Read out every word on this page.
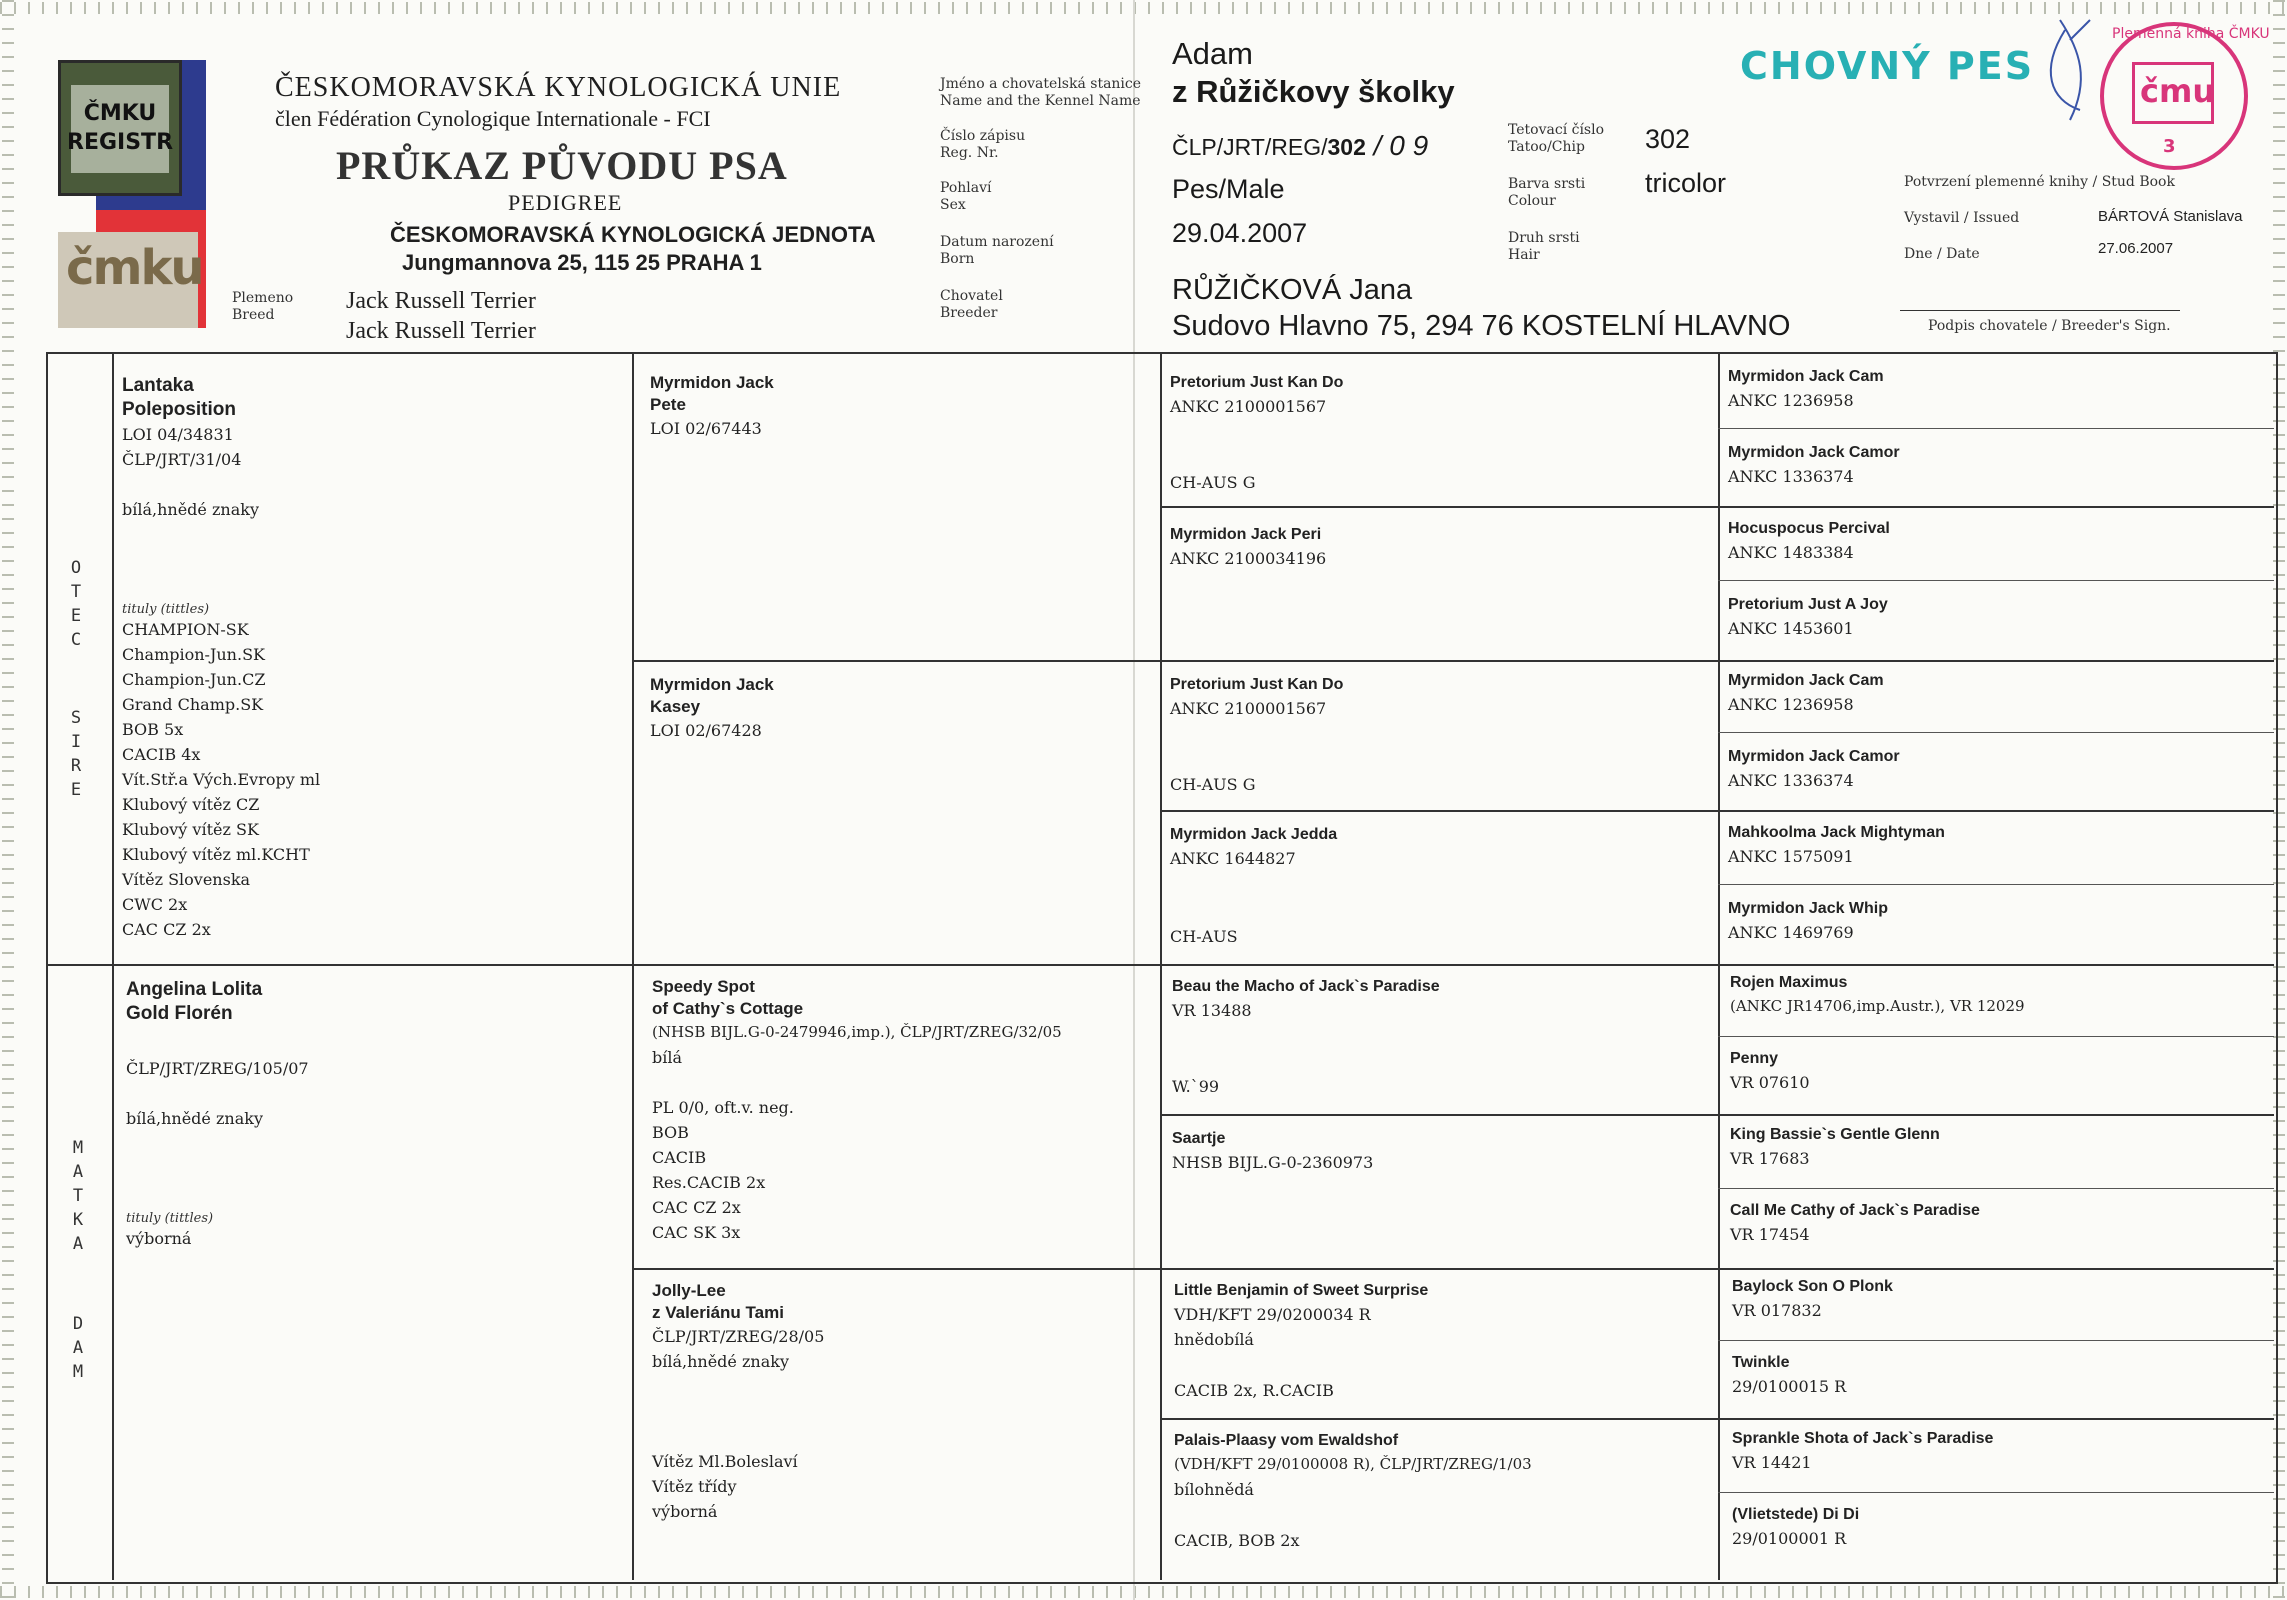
ČMKU
REGISTR
čmku
ČESKOMORAVSKÁ KYNOLOGICKÁ UNIE
člen Fédération Cynologique Internationale - FCI
PRŮKAZ PŮVODU PSA
PEDIGREE
ČESKOMORAVSKÁ KYNOLOGICKÁ JEDNOTA
Jungmannova 25, 115 25 PRAHA 1
Plemeno
Breed
Jack Russell Terrier
Jack Russell Terrier
Jméno a chovatelská stanice
Name and the Kennel Name
Číslo zápisu
Reg. Nr.
Pohlaví
Sex
Datum narození
Born
Chovatel
Breeder
Adam
z Růžičkovy školky
ČLP/JRT/REG/302 / 0 9
Pes/Male
29.04.2007
RŮŽIČKOVÁ Jana
Sudovo Hlavno 75, 294 76 KOSTELNÍ HLAVNO
Tetovací číslo
Tatoo/Chip
Barva srsti
Colour
Druh srsti
Hair
302
tricolor
CHOVNÝ PES
Plemenná kniha ČMKU
čmu
3
Potvrzení plemenné knihy / Stud Book
Vystavil / Issued
Dne / Date
BÁRTOVÁ Stanislava
27.06.2007
Podpis chovatele / Breeder's Sign.
O
T
E
C
S
I
R
E
M
A
T
K
A
D
A
M
Lantaka
Poleposition
LOI 04/34831
ČLP/JRT/31/04
bílá,hnědé znaky
tituly (tittles)
CHAMPION-SK
Champion-Jun.SK
Champion-Jun.CZ
Grand Champ.SK
BOB 5x
CACIB 4x
Vít.Stř.a Vých.Evropy ml
Klubový vítěz CZ
Klubový vítěz SK
Klubový vítěz ml.KCHT
Vítěz Slovenska
CWC 2x
CAC CZ 2x
Angelina Lolita
Gold Florén
ČLP/JRT/ZREG/105/07
bílá,hnědé znaky
tituly (tittles)
výborná
Myrmidon Jack
Pete
LOI 02/67443
Myrmidon Jack
Kasey
LOI 02/67428
Speedy Spot
of Cathy`s Cottage
(NHSB BIJL.G-0-2479946,imp.), ČLP/JRT/ZREG/32/05
bílá
PL 0/0, oft.v. neg.
BOB
CACIB
Res.CACIB 2x
CAC CZ 2x
CAC SK 3x
Jolly-Lee
z Valeriánu Tami
ČLP/JRT/ZREG/28/05
bílá,hnědé znaky
Vítěz Ml.Boleslaví
Vítěz třídy
výborná
Pretorium Just Kan Do
ANKC 2100001567
CH-AUS G
Myrmidon Jack Peri
ANKC 2100034196
Pretorium Just Kan Do
ANKC 2100001567
CH-AUS G
Myrmidon Jack Jedda
ANKC 1644827
CH-AUS
Beau the Macho of Jack`s Paradise
VR 13488
W.`99
Saartje
NHSB BIJL.G-0-2360973
Little Benjamin of Sweet Surprise
VDH/KFT 29/0200034 R
hnědobílá
CACIB 2x, R.CACIB
Palais-Plaasy vom Ewaldshof
(VDH/KFT 29/0100008 R), ČLP/JRT/ZREG/1/03
bílohnědá
CACIB, BOB 2x
Myrmidon Jack Cam
ANKC 1236958
Myrmidon Jack Camor
ANKC 1336374
Hocuspocus Percival
ANKC 1483384
Pretorium Just A Joy
ANKC 1453601
Myrmidon Jack Cam
ANKC 1236958
Myrmidon Jack Camor
ANKC 1336374
Mahkoolma Jack Mightyman
ANKC 1575091
Myrmidon Jack Whip
ANKC 1469769
Rojen Maximus
(ANKC JR14706,imp.Austr.), VR 12029
Penny
VR 07610
King Bassie`s Gentle Glenn
VR 17683
Call Me Cathy of Jack`s Paradise
VR 17454
Baylock Son O Plonk
VR 017832
Twinkle
29/0100015 R
Sprankle Shota of Jack`s Paradise
VR 14421
(Vlietstede) Di Di
29/0100001 R
